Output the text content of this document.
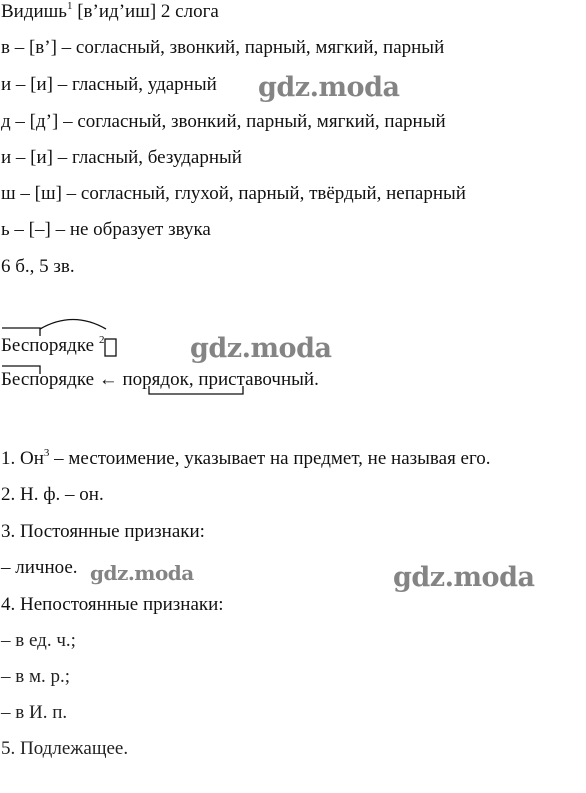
Видишь$^1$ [в’ид’иш] 2 слога
в – [в’] – согласный, звонкий, парный, мягкий, парный
и – [и] – гласный, ударный
д – [д’] – согласный, звонкий, парный, мягкий, парный
и – [и] – гласный, безударный
ш – [ш] – согласный, глухой, парный, твёрдый, непарный
ь – [–] – не образует звука
6 б., 5 зв.
Беспорядке $^2$
Беспорядке ← порядок, приставочный.
1. $Он^3$ – местоимение, указывает на предмет, не называя его.
2. Н. ф. – он.
3. Постоянные признаки:
– личное.
4. Непостоянные признаки:
– в ед. ч.;
– в м. р.;
– в И. п.
5. Подлежащее.
gdz.moda
gdz.moda
gdz.moda	gdz.moda
